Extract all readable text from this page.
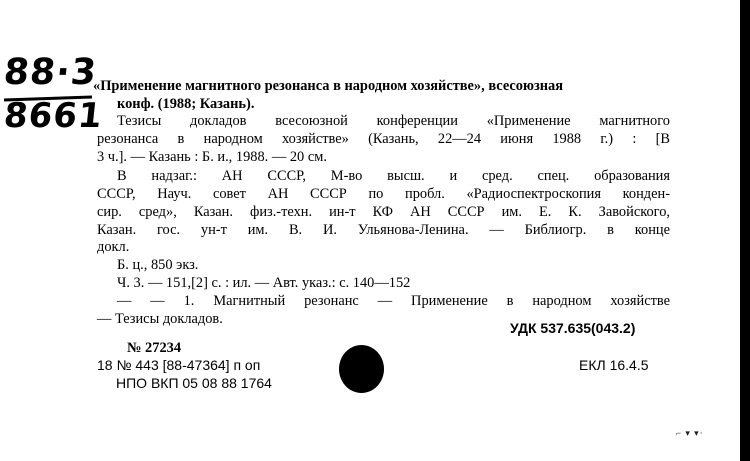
88·3
8661
«Применение магнитного резонанса в народном хозяйстве», всесоюзная
конф. (1988; Казань).
Тезисы докладов всесоюзной конференции «Применение магнитного
резонанса в народном хозяйстве» (Казань, 22—24 июня 1988 г.) : [В
3 ч.]. — Казань : Б. и., 1988. — 20 см.
В надзаг.: АН СССР, М-во высш. и сред. спец. образования
СССР, Науч. совет АН СССР по пробл. «Радиоспектроскопия конден-
сир. сред», Казан. физ.-техн. ин-т КФ АН СССР им. Е. К. Завойского,
Казан. гос. ун-т им. В. И. Ульянова-Ленина. — Библиогр. в конце
докл.
Б. ц., 850 экз.
Ч. 3. — 151,[2] с. : ил. — Авт. указ.: с. 140—152
— — 1. Магнитный резонанс — Применение в народном хозяйстве
— Тезисы докладов.
УДК 537.635(043.2)
№ 27234
18 № 443 [88-47364] п оп	ЕКЛ 16.4.5
НПО ВКП 05 08 88 1764
⌐ ▾ ▾·
